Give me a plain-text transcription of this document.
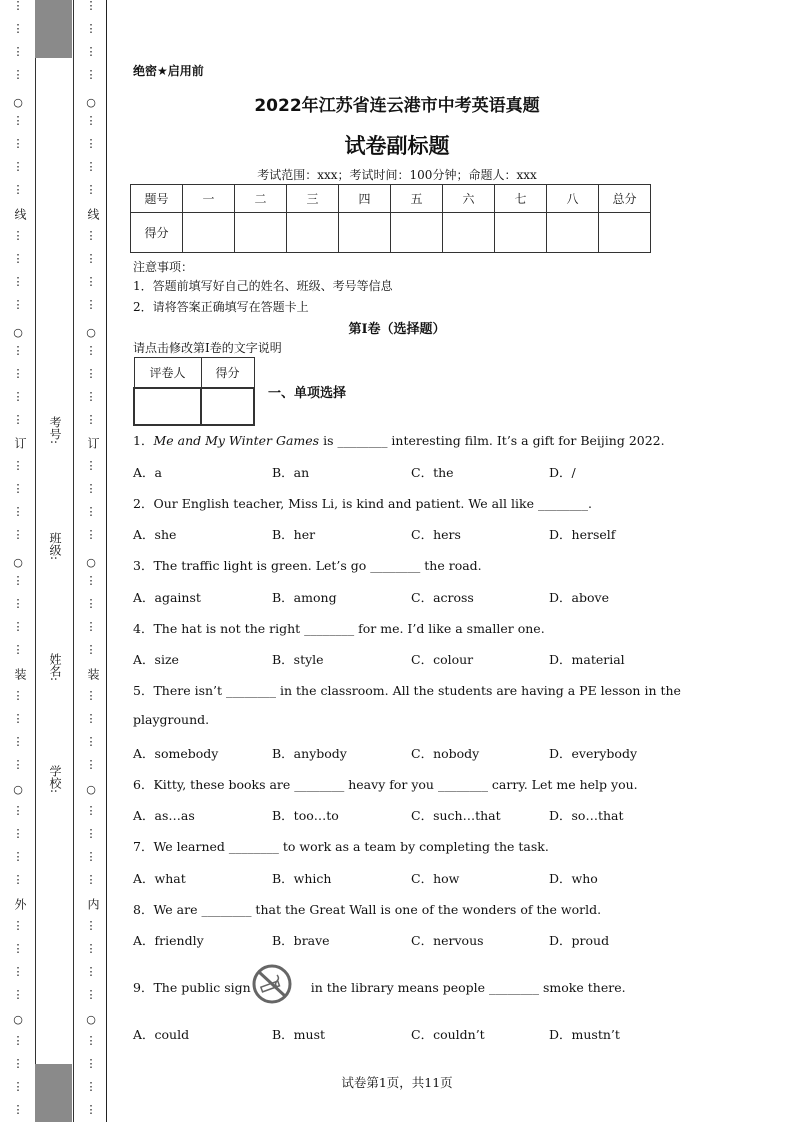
⋮
⋮
⋮
⋮
⋮
⋮
⋮
⋮
⋮
⋮
⋮
⋮
⋮
⋮
⋮
⋮
⋮
⋮
⋮
⋮
⋮
⋮
⋮
⋮
⋮
⋮
⋮
⋮
⋮
⋮
⋮
⋮
⋮
⋮
⋮
⋮
⋮
⋮
⋮
⋮
○
○
○
○
○
⋮
⋮
⋮
⋮
⋮
⋮
⋮
⋮
⋮
⋮
⋮
⋮
⋮
⋮
⋮
⋮
⋮
⋮
⋮
⋮
⋮
⋮
⋮
⋮
⋮
⋮
⋮
⋮
⋮
⋮
⋮
⋮
⋮
⋮
⋮
⋮
⋮
⋮
⋮
⋮
○
○
○
○
○
线
订
装
外
线
订
装
内
考号:
班级:
姓名:
学校:
绝密★启用前
2022年江苏省连云港市中考英语真题
试卷副标题
考试范围：xxx；考试时间：100分钟；命题人：xxx
题号	一	二	三	四	五	六	七	八	总分
得分									
注意事项：
1．答题前填写好自己的姓名、班级、考号等信息
2．请将答案正确填写在答题卡上
第I卷（选择题）
请点击修改第I卷的文字说明
评卷人	得分

一、单项选择
1．Me and My Winter Games is ________ interesting film. It’s a gift for Beijing 2022.
A．a	B．an	C．the	D．/
2．Our English teacher, Miss Li, is kind and patient. We all like ________.
A．she	B．her	C．hers	D．herself
3．The traffic light is green. Let’s go ________ the road.
A．against	B．among	C．across	D．above
4．The hat is not the right ________ for me. I’d like a smaller one.
A．size	B．style	C．colour	D．material
5．There isn’t ________ in the classroom. All the students are having a PE lesson in the
playground.
A．somebody	B．anybody	C．nobody	D．everybody
6．Kitty, these books are ________ heavy for you ________ carry. Let me help you.
A．as…as	B．too…to	C．such…that	D．so…that
7．We learned ________ to work as a team by completing the task.
A．what	B．which	C．how	D．who
8．We are ________ that the Great Wall is one of the wonders of the world.
A．friendly	B．brave	C．nervous	D．proud
9．The public sign	in the library means people ________ smoke there.
A．could	B．must	C．couldn’t	D．mustn’t
试卷第1页，共11页
